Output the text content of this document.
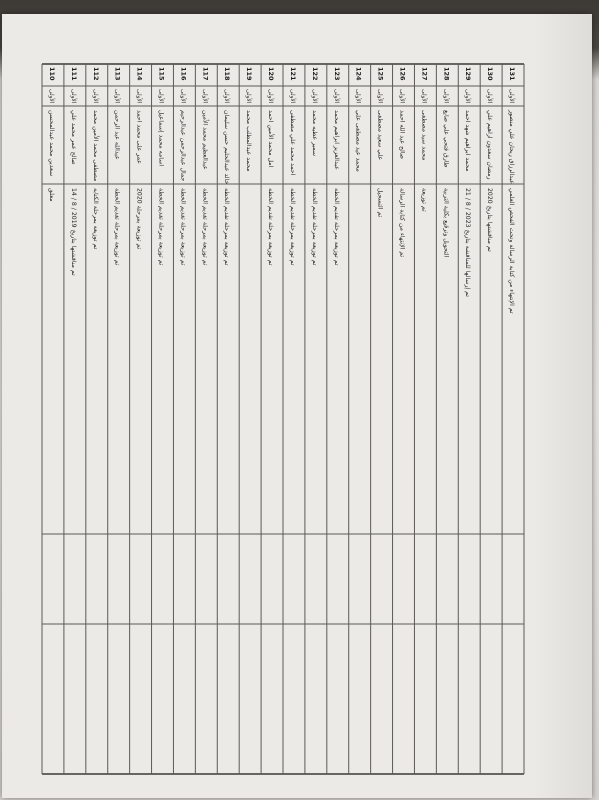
110
الأولى
سعدين محمد عبدالمحسن
معلق
111
الأولى
صالح عمر محمد علي
تم مناقشتها بتاريخ 2019 / 8 / 14
112
الأولى
مصطفى محمد الأمين محمد
تم توزيعة بمرحلة الكتابة
113
الأولى
عبدالله عبد الرحمن
تم توزيعة بمرحلة تقديم الخطة
114
الأولى
عمر على محمد احمد
تم توزيعة بمرحلة 2020
115
الأولى
اسامه محمد إسماعيل
تم توزيعة بمرحلة تقديم الخطة
116
الأولى
جمال عبدالرحمن عبدالرحيم
تم توزيعة بمرحلة تقديم الخطة
117
الأولى
عبدالعظيم محمد الأمين
تم توزيعة بمرحلة تقديم الخطة
118
الأولى
خالد عبدالحليم حسن سليمان
تم توزيعة بمرحلة تقديم الخطة
119
الأولى
محمد عبدالمطلب محمد
120
الأولى
امل محمد الأمين احمد
تم توزيعة بمرحلة تقديم الخطة
121
الأولى
احمد محمد علي مصطفى
تم توزيعة بمرحلة تقديم الخطة
122
الأولى
سمير عطيه محمد
تم توزيعة بمرحلة تقديم الخطة
123
الأولى
عبدالعزيز ابراهيم محمد
تم توزيعة بمرحلة تقديم الخطة
124
الأولى
محمد عيد مصطفى علي
125
الأولى
علي سعيد مصطفى
تم التسجيل
126
الأولى
صالح عبد الله احمد
تم الإنتهاء من كتابة الرسالة
127
الأولى
محمد سيد مصطفى
تم توزيعة
128
الأولى
طارق فتحي علي صابغ
التحويل وترقيع بكلية التربية
129
الأولى
محمد ابراهيم شهد احمد
تم إرسالها للمناقشة بتاريخ 2023 / 8 / 21
130
الأولى
رمضان سعدون اراهيم علي
تم مناقشتها بتاريخ 2020
131
الأولى
عبدالرزاق ريحان علي منصور
تم الإنتهاء من كتابة الرسالة وتحت الفحص العلمي
